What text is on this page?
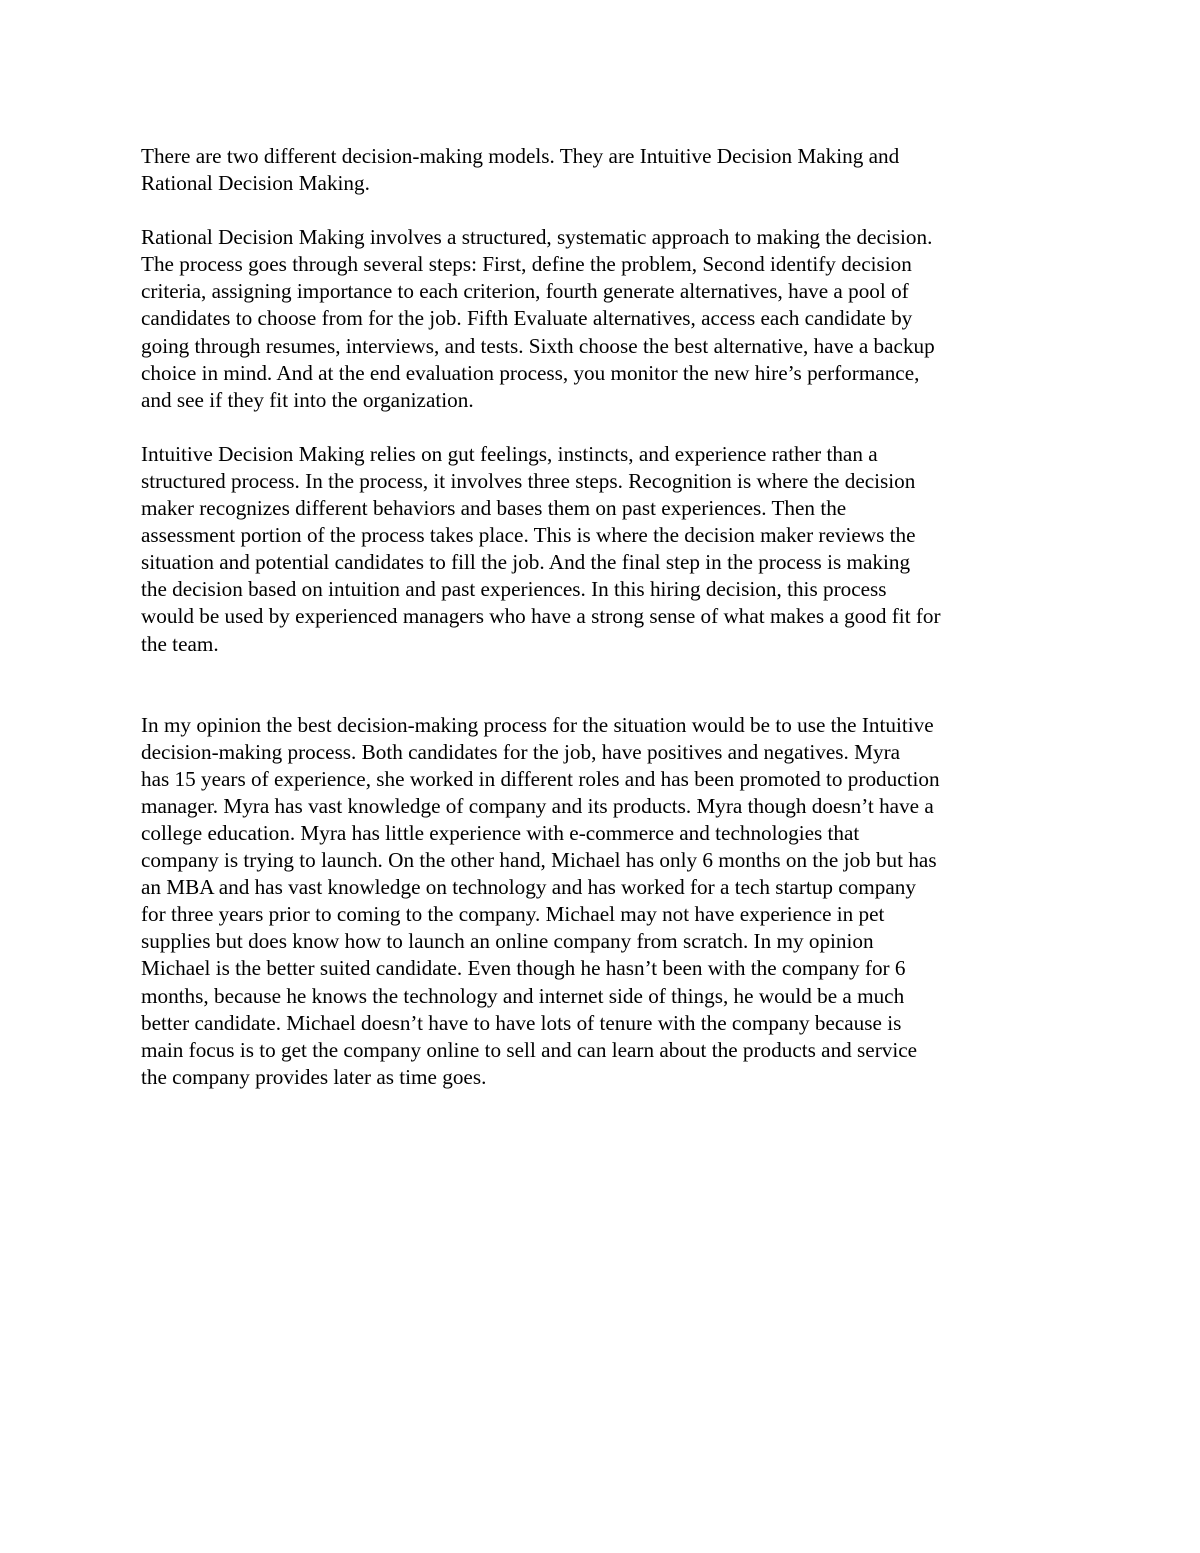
There are two different decision-making models. They are Intuitive Decision Making and
Rational Decision Making.

Rational Decision Making involves a structured, systematic approach to making the decision.
The process goes through several steps: First, define the problem, Second identify decision
criteria, assigning importance to each criterion, fourth generate alternatives, have a pool of
candidates to choose from for the job. Fifth Evaluate alternatives, access each candidate by
going through resumes, interviews, and tests. Sixth choose the best alternative, have a backup
choice in mind. And at the end evaluation process, you monitor the new hire’s performance,
and see if they fit into the organization.

Intuitive Decision Making relies on gut feelings, instincts, and experience rather than a
structured process. In the process, it involves three steps. Recognition is where the decision
maker recognizes different behaviors and bases them on past experiences. Then the
assessment portion of the process takes place. This is where the decision maker reviews the
situation and potential candidates to fill the job. And the final step in the process is making
the decision based on intuition and past experiences. In this hiring decision, this process
would be used by experienced managers who have a strong sense of what makes a good fit for
the team.

In my opinion the best decision-making process for the situation would be to use the Intuitive
decision-making process. Both candidates for the job, have positives and negatives. Myra
has 15 years of experience, she worked in different roles and has been promoted to production
manager. Myra has vast knowledge of company and its products. Myra though doesn’t have a
college education. Myra has little experience with e-commerce and technologies that
company is trying to launch. On the other hand, Michael has only 6 months on the job but has
an MBA and has vast knowledge on technology and has worked for a tech startup company
for three years prior to coming to the company. Michael may not have experience in pet
supplies but does know how to launch an online company from scratch. In my opinion
Michael is the better suited candidate. Even though he hasn’t been with the company for 6
months, because he knows the technology and internet side of things, he would be a much
better candidate. Michael doesn’t have to have lots of tenure with the company because is
main focus is to get the company online to sell and can learn about the products and service
the company provides later as time goes.
